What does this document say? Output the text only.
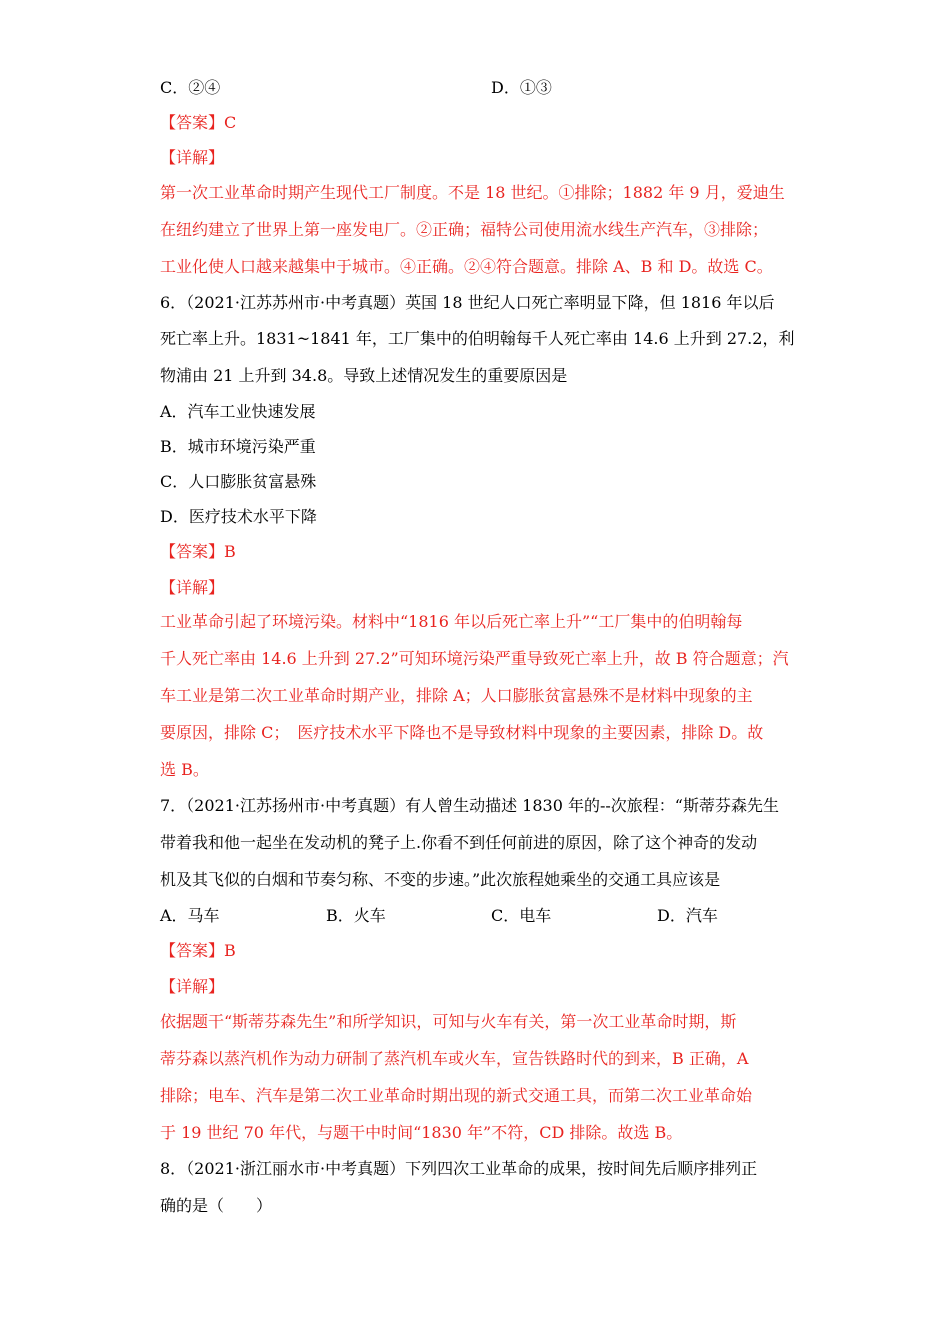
C．②④	D．①③
【答案】C
【详解】
第一次工业革命时期产生现代工厂制度。不是 18 世纪。①排除；1882 年 9 月，爱迪生
在纽约建立了世界上第一座发电厂。②正确；福特公司使用流水线生产汽车，③排除；
工业化使人口越来越集中于城市。④正确。②④符合题意。排除 A、B 和 D。故选 C。
6．（2021·江苏苏州市·中考真题）英国 18 世纪人口死亡率明显下降，但 1816 年以后
死亡率上升。1831~1841 年，工厂集中的伯明翰每千人死亡率由 14.6 上升到 27.2，利
物浦由 21 上升到 34.8。导致上述情况发生的重要原因是
A．汽车工业快速发展
B．城市环境污染严重
C．人口膨胀贫富悬殊
D．医疗技术水平下降
【答案】B
【详解】
工业革命引起了环境污染。材料中“1816 年以后死亡率上升”“工厂集中的伯明翰每
千人死亡率由 14.6 上升到 27.2”可知环境污染严重导致死亡率上升，故 B 符合题意；汽
车工业是第二次工业革命时期产业，排除 A；人口膨胀贫富悬殊不是材料中现象的主
要原因，排除 C；　医疗技术水平下降也不是导致材料中现象的主要因素，排除 D。故
选 B。
7．（2021·江苏扬州市·中考真题）有人曾生动描述 1830 年的--次旅程：“斯蒂芬森先生
带着我和他一起坐在发动机的凳子上.你看不到任何前进的原因，除了这个神奇的发动
机及其飞似的白烟和节奏匀称、不变的步速。”此次旅程她乘坐的交通工具应该是
A．马车	B．火车	C．电车	D．汽车
【答案】B
【详解】
依据题干“斯蒂芬森先生”和所学知识，可知与火车有关，第一次工业革命时期，斯
蒂芬森以蒸汽机作为动力研制了蒸汽机车或火车，宣告铁路时代的到来，B 正确，A
排除；电车、汽车是第二次工业革命时期出现的新式交通工具，而第二次工业革命始
于 19 世纪 70 年代，与题干中时间“1830 年”不符，CD 排除。故选 B。
8．（2021·浙江丽水市·中考真题）下列四次工业革命的成果，按时间先后顺序排列正
确的是（　　）
